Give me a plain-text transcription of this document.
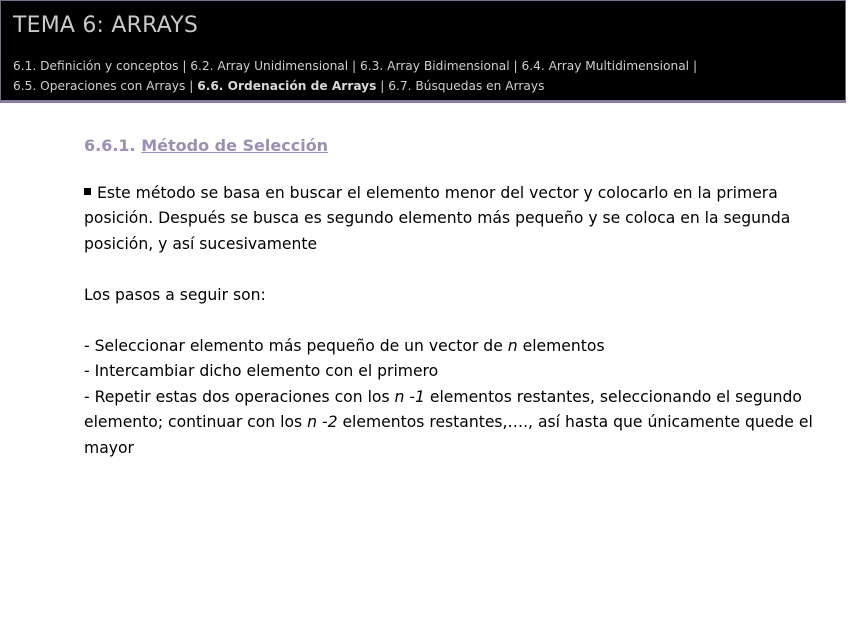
TEMA 6: ARRAYS
6.1. Definición y conceptos | 6.2. Array Unidimensional | 6.3. Array Bidimensional | 6.4. Array Multidimensional |
6.5. Operaciones con Arrays | 6.6. Ordenación de Arrays | 6.7. Búsquedas en Arrays
6.6.1. Método de Selección

Este método se basa en buscar el elemento menor del vector y colocarlo en la primera posición. Después se busca es segundo elemento más pequeño y se coloca en la segunda posición, y así sucesivamente

Los pasos a seguir son:

- Seleccionar elemento más pequeño de un vector de n elementos

- Intercambiar dicho elemento con el primero

- Repetir estas dos operaciones con los n -1 elementos restantes, seleccionando el segundo elemento; continuar con los n -2 elementos restantes,…., así hasta que únicamente quede el mayor
